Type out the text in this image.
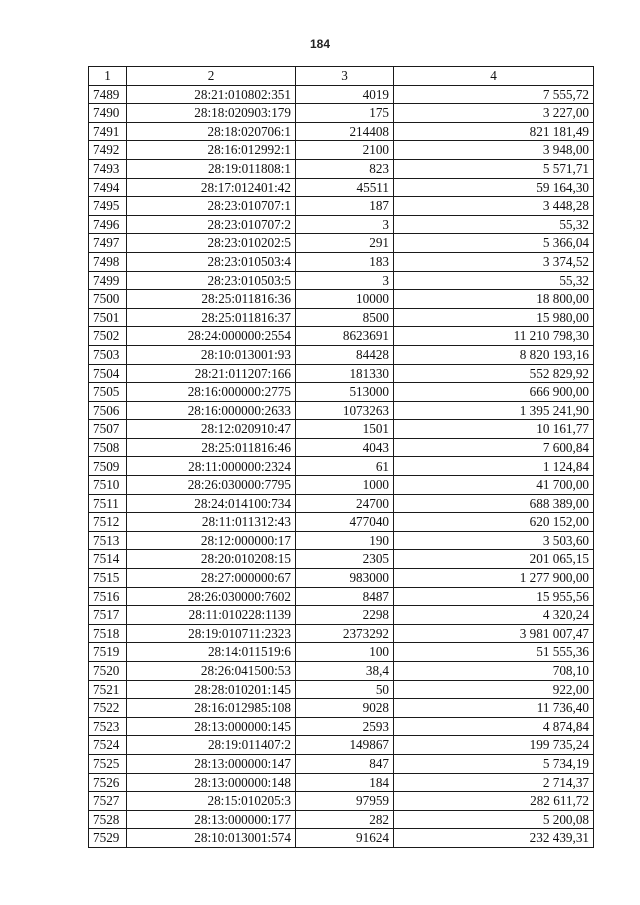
184
1	2	3	4
7489	28:21:010802:351	4019	7 555,72
7490	28:18:020903:179	175	3 227,00
7491	28:18:020706:1	214408	821 181,49
7492	28:16:012992:1	2100	3 948,00
7493	28:19:011808:1	823	5 571,71
7494	28:17:012401:42	45511	59 164,30
7495	28:23:010707:1	187	3 448,28
7496	28:23:010707:2	3	55,32
7497	28:23:010202:5	291	5 366,04
7498	28:23:010503:4	183	3 374,52
7499	28:23:010503:5	3	55,32
7500	28:25:011816:36	10000	18 800,00
7501	28:25:011816:37	8500	15 980,00
7502	28:24:000000:2554	8623691	11 210 798,30
7503	28:10:013001:93	84428	8 820 193,16
7504	28:21:011207:166	181330	552 829,92
7505	28:16:000000:2775	513000	666 900,00
7506	28:16:000000:2633	1073263	1 395 241,90
7507	28:12:020910:47	1501	10 161,77
7508	28:25:011816:46	4043	7 600,84
7509	28:11:000000:2324	61	1 124,84
7510	28:26:030000:7795	1000	41 700,00
7511	28:24:014100:734	24700	688 389,00
7512	28:11:011312:43	477040	620 152,00
7513	28:12:000000:17	190	3 503,60
7514	28:20:010208:15	2305	201 065,15
7515	28:27:000000:67	983000	1 277 900,00
7516	28:26:030000:7602	8487	15 955,56
7517	28:11:010228:1139	2298	4 320,24
7518	28:19:010711:2323	2373292	3 981 007,47
7519	28:14:011519:6	100	51 555,36
7520	28:26:041500:53	38,4	708,10
7521	28:28:010201:145	50	922,00
7522	28:16:012985:108	9028	11 736,40
7523	28:13:000000:145	2593	4 874,84
7524	28:19:011407:2	149867	199 735,24
7525	28:13:000000:147	847	5 734,19
7526	28:13:000000:148	184	2 714,37
7527	28:15:010205:3	97959	282 611,72
7528	28:13:000000:177	282	5 200,08
7529	28:10:013001:574	91624	232 439,31
